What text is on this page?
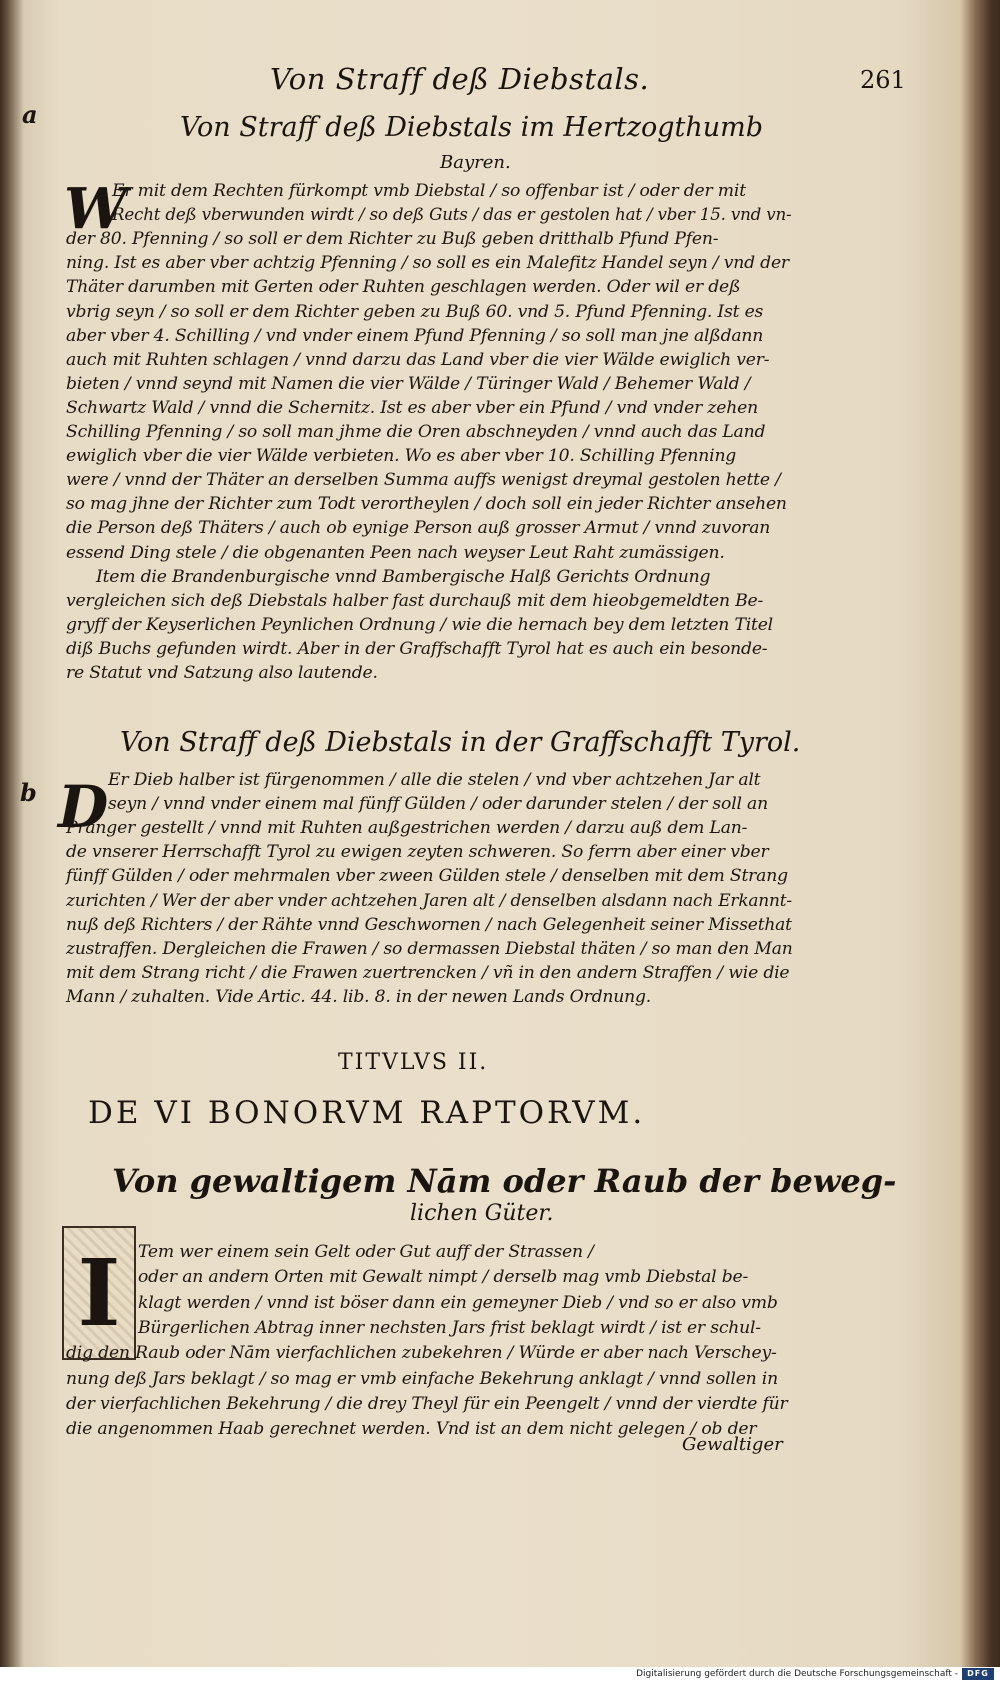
Von Straff deß Diebstals.	261
a
b
Von Straff deß Diebstals im Hertzogthumb
Bayren.
W
Er mit dem Rechten fürkompt vmb Diebstal / so offenbar ist / oder der mit
Recht deß vberwunden wirdt / so deß Guts / das er gestolen hat / vber 15. vnd vn-
der 80. Pfenning / so soll er dem Richter zu Buß geben dritthalb Pfund Pfen-
ning. Ist es aber vber achtzig Pfenning / so soll es ein Malefitz Handel seyn / vnd der
Thäter darumben mit Gerten oder Ruhten geschlagen werden. Oder wil er deß
vbrig seyn / so soll er dem Richter geben zu Buß 60. vnd 5. Pfund Pfenning. Ist es
aber vber 4. Schilling / vnd vnder einem Pfund Pfenning / so soll man jne alßdann
auch mit Ruhten schlagen / vnnd darzu das Land vber die vier Wälde ewiglich ver-
bieten / vnnd seynd mit Namen die vier Wälde / Türinger Wald / Behemer Wald /
Schwartz Wald / vnnd die Schernitz. Ist es aber vber ein Pfund / vnd vnder zehen
Schilling Pfenning / so soll man jhme die Oren abschneyden / vnnd auch das Land
ewiglich vber die vier Wälde verbieten. Wo es aber vber 10. Schilling Pfenning
were / vnnd der Thäter an derselben Summa auffs wenigst dreymal gestolen hette /
so mag jhne der Richter zum Todt verortheylen / doch soll ein jeder Richter ansehen
die Person deß Thäters / auch ob eynige Person auß grosser Armut / vnnd zuvoran
essend Ding stele / die obgenanten Peen nach weyser Leut Raht zumässigen.
Item die Brandenburgische vnnd Bambergische Halß Gerichts Ordnung
vergleichen sich deß Diebstals halber fast durchauß mit dem hieobgemeldten Be-
gryff der Keyserlichen Peynlichen Ordnung / wie die hernach bey dem letzten Titel
diß Buchs gefunden wirdt. Aber in der Graffschafft Tyrol hat es auch ein besonde-
re Statut vnd Satzung also lautende.
Von Straff deß Diebstals in der Graffschafft Tyrol.
D Er Dieb halber ist fürgenommen / alle die stelen / vnd vber achtzehen Jar alt
seyn / vnnd vnder einem mal fünff Gülden / oder darunder stelen / der soll an
Pranger gestellt / vnnd mit Ruhten außgestrichen werden / darzu auß dem Lan-
de vnserer Herrschafft Tyrol zu ewigen zeyten schweren. So ferrn aber einer vber
fünff Gülden / oder mehrmalen vber zween Gülden stele / denselben mit dem Strang
zurichten / Wer der aber vnder achtzehen Jaren alt / denselben alsdann nach Erkannt-
nuß deß Richters / der Rähte vnnd Geschwornen / nach Gelegenheit seiner Missethat
zustraffen. Dergleichen die Frawen / so dermassen Diebstal thäten / so man den Man
mit dem Strang richt / die Frawen zuertrencken / vñ in den andern Straffen / wie die
Mann / zuhalten. Vide Artic. 44. lib. 8. in der newen Lands Ordnung.
TITVLVS II.
DE VI BONORVM RAPTORVM.
Von gewaltigem Nām oder Raub der beweg-
lichen Güter.
I	Tem wer einem sein Gelt oder Gut auff der Strassen /
oder an andern Orten mit Gewalt nimpt / derselb mag vmb Diebstal be-
klagt werden / vnnd ist böser dann ein gemeyner Dieb / vnd so er also vmb
Bürgerlichen Abtrag inner nechsten Jars frist beklagt wirdt / ist er schul-
dig den Raub oder Nām vierfachlichen zubekehren / Würde er aber nach Verschey-
nung deß Jars beklagt / so mag er vmb einfache Bekehrung anklagt / vnnd sollen in
der vierfachlichen Bekehrung / die drey Theyl für ein Peengelt / vnnd der vierdte für
die angenommen Haab gerechnet werden. Vnd ist an dem nicht gelegen / ob der
Gewaltiger
Digitalisierung gefördert durch die Deutsche Forschungsgemeinschaft -	DFG
